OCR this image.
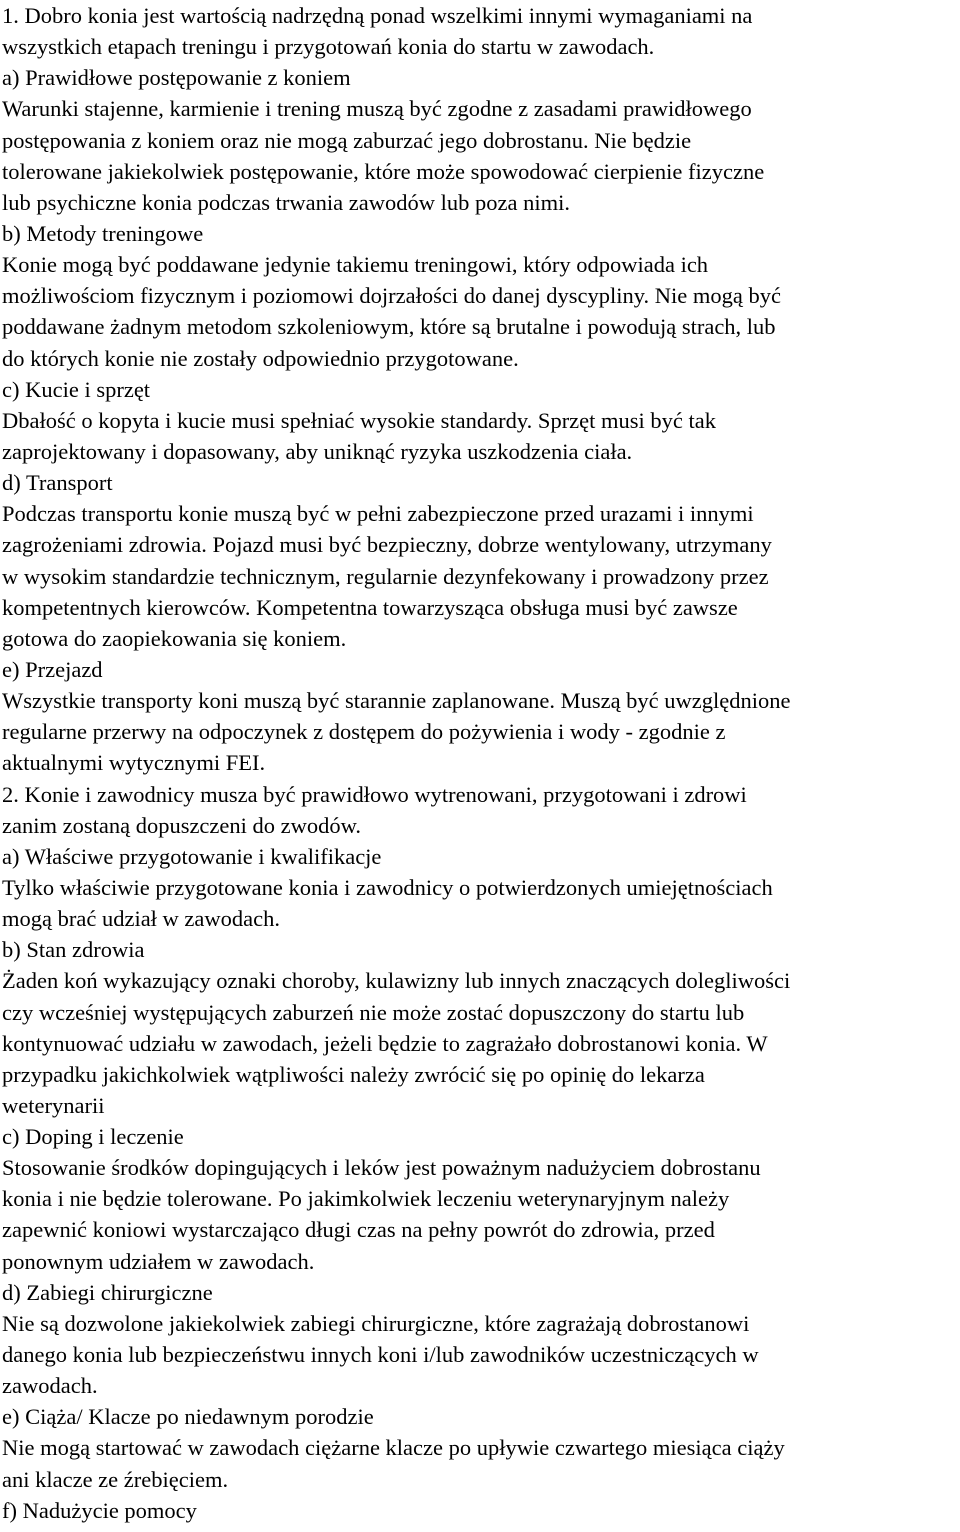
1. Dobro konia jest wartością nadrzędną ponad wszelkimi innymi wymaganiami na
wszystkich etapach treningu i przygotowań konia do startu w zawodach.
a) Prawidłowe postępowanie z koniem
Warunki stajenne, karmienie i trening muszą być zgodne z zasadami prawidłowego
postępowania z koniem oraz nie mogą zaburzać jego dobrostanu. Nie będzie
tolerowane jakiekolwiek postępowanie, które może spowodować cierpienie fizyczne
lub psychiczne konia podczas trwania zawodów lub poza nimi.
b) Metody treningowe
Konie mogą być poddawane jedynie takiemu treningowi, który odpowiada ich
możliwościom fizycznym i poziomowi dojrzałości do danej dyscypliny. Nie mogą być
poddawane żadnym metodom szkoleniowym, które są brutalne i powodują strach, lub
do których konie nie zostały odpowiednio przygotowane.
c) Kucie i sprzęt
Dbałość o kopyta i kucie musi spełniać wysokie standardy. Sprzęt musi być tak
zaprojektowany i dopasowany, aby uniknąć ryzyka uszkodzenia ciała.
d) Transport
Podczas transportu konie muszą być w pełni zabezpieczone przed urazami i innymi
zagrożeniami zdrowia. Pojazd musi być bezpieczny, dobrze wentylowany, utrzymany
w wysokim standardzie technicznym, regularnie dezynfekowany i prowadzony przez
kompetentnych kierowców. Kompetentna towarzysząca obsługa musi być zawsze
gotowa do zaopiekowania się koniem.
e) Przejazd
Wszystkie transporty koni muszą być starannie zaplanowane. Muszą być uwzględnione
regularne przerwy na odpoczynek z dostępem do pożywienia i wody - zgodnie z
aktualnymi wytycznymi FEI.
2. Konie i zawodnicy musza być prawidłowo wytrenowani, przygotowani i zdrowi
zanim zostaną dopuszczeni do zwodów.
a) Właściwe przygotowanie i kwalifikacje
Tylko właściwie przygotowane konia i zawodnicy o potwierdzonych umiejętnościach
mogą brać udział w zawodach.
b) Stan zdrowia
Żaden koń wykazujący oznaki choroby, kulawizny lub innych znaczących dolegliwości
czy wcześniej występujących zaburzeń nie może zostać dopuszczony do startu lub
kontynuować udziału w zawodach, jeżeli będzie to zagrażało dobrostanowi konia. W
przypadku jakichkolwiek wątpliwości należy zwrócić się po opinię do lekarza
weterynarii
c) Doping i leczenie
Stosowanie środków dopingujących i leków jest poważnym nadużyciem dobrostanu
konia i nie będzie tolerowane. Po jakimkolwiek leczeniu weterynaryjnym należy
zapewnić koniowi wystarczająco długi czas na pełny powrót do zdrowia, przed
ponownym udziałem w zawodach.
d) Zabiegi chirurgiczne
Nie są dozwolone jakiekolwiek zabiegi chirurgiczne, które zagrażają dobrostanowi
danego konia lub bezpieczeństwu innych koni i/lub zawodników uczestniczących w
zawodach.
e) Ciąża/ Klacze po niedawnym porodzie
Nie mogą startować w zawodach ciężarne klacze po upływie czwartego miesiąca ciąży
ani klacze ze źrebięciem.
f) Nadużycie pomocy
